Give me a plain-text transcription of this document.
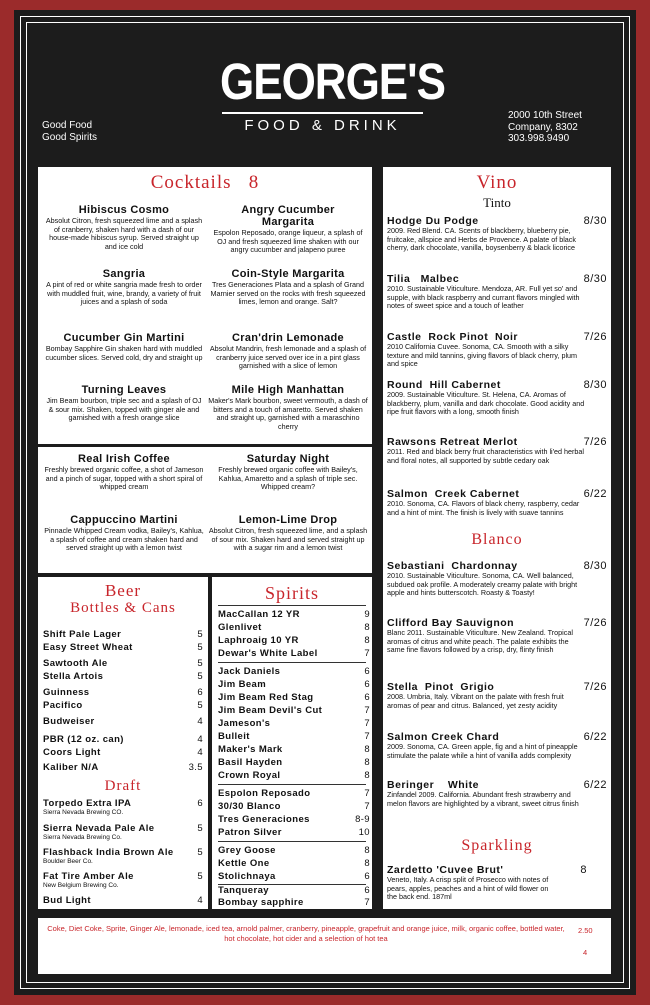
Good Food
Good Spirits
GEORGE'S
FOOD & DRINK
2000 10th Street
Company, 8302
303.998.9490
Cocktails   8
Hibiscus Cosmo
Absolut Citron, fresh squeezed lime and a splash of cranberry, shaken hard with a dash of our house-made hibiscus syrup. Served straight up and ice cold
Angry Cucumber Margarita
Espolon Reposado, orange liqueur, a splash of OJ and fresh squeezed lime shaken with our angry cucumber and jalapeno puree
Sangria
A pint of red or white sangria made fresh to order with muddled fruit, wine, brandy, a variety of fruit juices and a splash of soda
Coin-Style Margarita
Tres Generaciones Plata and a splash of Grand Marnier served on the rocks with fresh squeezed limes, lemon and orange. Salt?
Cucumber Gin Martini
Bombay Sapphire Gin shaken hard with muddled cucumber slices. Served cold, dry and straight up
Cran'drin Lemonade
Absolut Mandrin, fresh lemonade and a splash of cranberry juice served over ice in a pint glass garnished with a slice of lemon
Turning Leaves
Jim Beam bourbon, triple sec and a splash of OJ & sour mix. Shaken, topped with ginger ale and garnished with a fresh orange slice
Mile High Manhattan
Maker's Mark bourbon, sweet vermouth, a dash of bitters and a touch of amaretto. Served shaken and straight up, garnished with a maraschino cherry
Real Irish Coffee
Freshly brewed organic coffee, a shot of Jameson and a pinch of sugar, topped with a short spiral of whipped cream
Saturday Night
Freshly brewed organic coffee with Bailey's, Kahlua, Amaretto and a splash of triple sec. Whipped cream?
Cappuccino Martini
Pinnacle Whipped Cream vodka, Bailey's, Kahlua, a splash of coffee and cream shaken hard and served straight up with a lemon twist
Lemon-Lime Drop
Absolut Citron, fresh squeezed lime, and a splash of sour mix. Shaken hard and served straight up with a sugar rim and a lemon twist
Beer
Bottles & Cans
Shift Pale Lager	5
Easy Street Wheat	5
Sawtooth Ale	5
Stella Artois	5
Guinness	6
Pacifico	5
Budweiser	4
PBR (12 oz. can)	4
Coors Light	4
Kaliber N/A	3.5
Draft
Torpedo Extra IPA	6
Sierra Nevada Brewing CO.
Sierra Nevada Pale Ale	5
Sierra Nevada Brewing Co.
Flashback India Brown Ale	5
Boulder Beer Co.
Fat Tire Amber Ale	5
New Belgium Brewing Co.
Bud Light	4
Spirits
MacCallan 12 YR	9
Glenlivet	8
Laphroaig 10 YR	8
Dewar's White Label	7
Jack Daniels	6
Jim Beam	6
Jim Beam Red Stag	6
Jim Beam Devil's Cut	7
Jameson's	7
Bulleit	7
Maker's Mark	8
Basil Hayden	8
Crown Royal	8
Espolon Reposado	7
30/30 Blanco	7
Tres Generaciones	8-9
Patron Silver	10
Grey Goose	8
Kettle One	8
Stolichnaya	6
Tanqueray	6
Bombay sapphire	7
Vino
Tinto
Hodge Du Podge	8/30
2009. Red Blend. CA. Scents of blackberry, blueberry pie, fruitcake, allspice and Herbs de Provence. A palate of black cherry, dark chocolate, vanilla, boysenberry & black licorice
Tilia   Malbec	8/30
2010. Sustainable Viticulture. Mendoza, AR. Full yet so' and supple, with black raspberry and currant flavors mingled with notes of sweet spice and a touch of leather
Castle  Rock Pinot  Noir	7/26
2010 California Cuvee. Sonoma, CA. Smooth with a silky texture and mild tannins, giving flavors of black cherry, plum and spice
Round  Hill Cabernet	8/30
2009. Sustainable Viticulture. St. Helena, CA. Aromas of blackberry, plum, vanilla and dark chocolate. Good acidity and ripe fruit flavors with a long, smooth finish
Rawsons Retreat Merlot	7/26
2011. Red and black berry fruit characteristics with li'ed herbal and floral notes, all supported by subtle cedary oak
Salmon  Creek Cabernet	6/22
2010. Sonoma, CA. Flavors of black cherry, raspberry, cedar and a hint of mint. The finish is lively with suave tannins
Blanco
Sebastiani  Chardonnay	8/30
2010. Sustainable Viticulture. Sonoma, CA. Well balanced, subdued oak profile. A moderately creamy palate with bright apple and hints butterscotch. Roasty & Toasty!
Clifford Bay Sauvignon	7/26
Blanc 2011. Sustainable Viticulture. New Zealand. Tropical aromas of citrus and white peach. The palate exhibits the same fine flavors followed by a crisp, dry, flinty finish
Stella  Pinot  Grigio	7/26
2008. Umbria, Italy. Vibrant on the palate with fresh fruit aromas of pear and citrus. Balanced, yet zesty acidity
Salmon Creek Chard	6/22
2009. Sonoma, CA. Green apple, fig and a hint of pineapple stimulate the palate while a hint of vanilla adds complexity
Beringer    White	6/22
Zinfandel 2009. California. Abundant fresh strawberry and melon flavors are highlighted by a vibrant, sweet citrus finish
Sparkling
Zardetto 'Cuvee Brut'	8
Veneto, Italy. A crisp split of Prosecco with notes of pears, apples, peaches and a hint of wild flower on the back end. 187ml
Coke, Diet Coke, Sprite, Ginger Ale, lemonade, iced tea, arnold palmer, cranberry, pineapple, grapefruit and orange juice, milk, organic coffee, bottled water, hot chocolate, hot cider and a selection of hot tea
2.50
4
